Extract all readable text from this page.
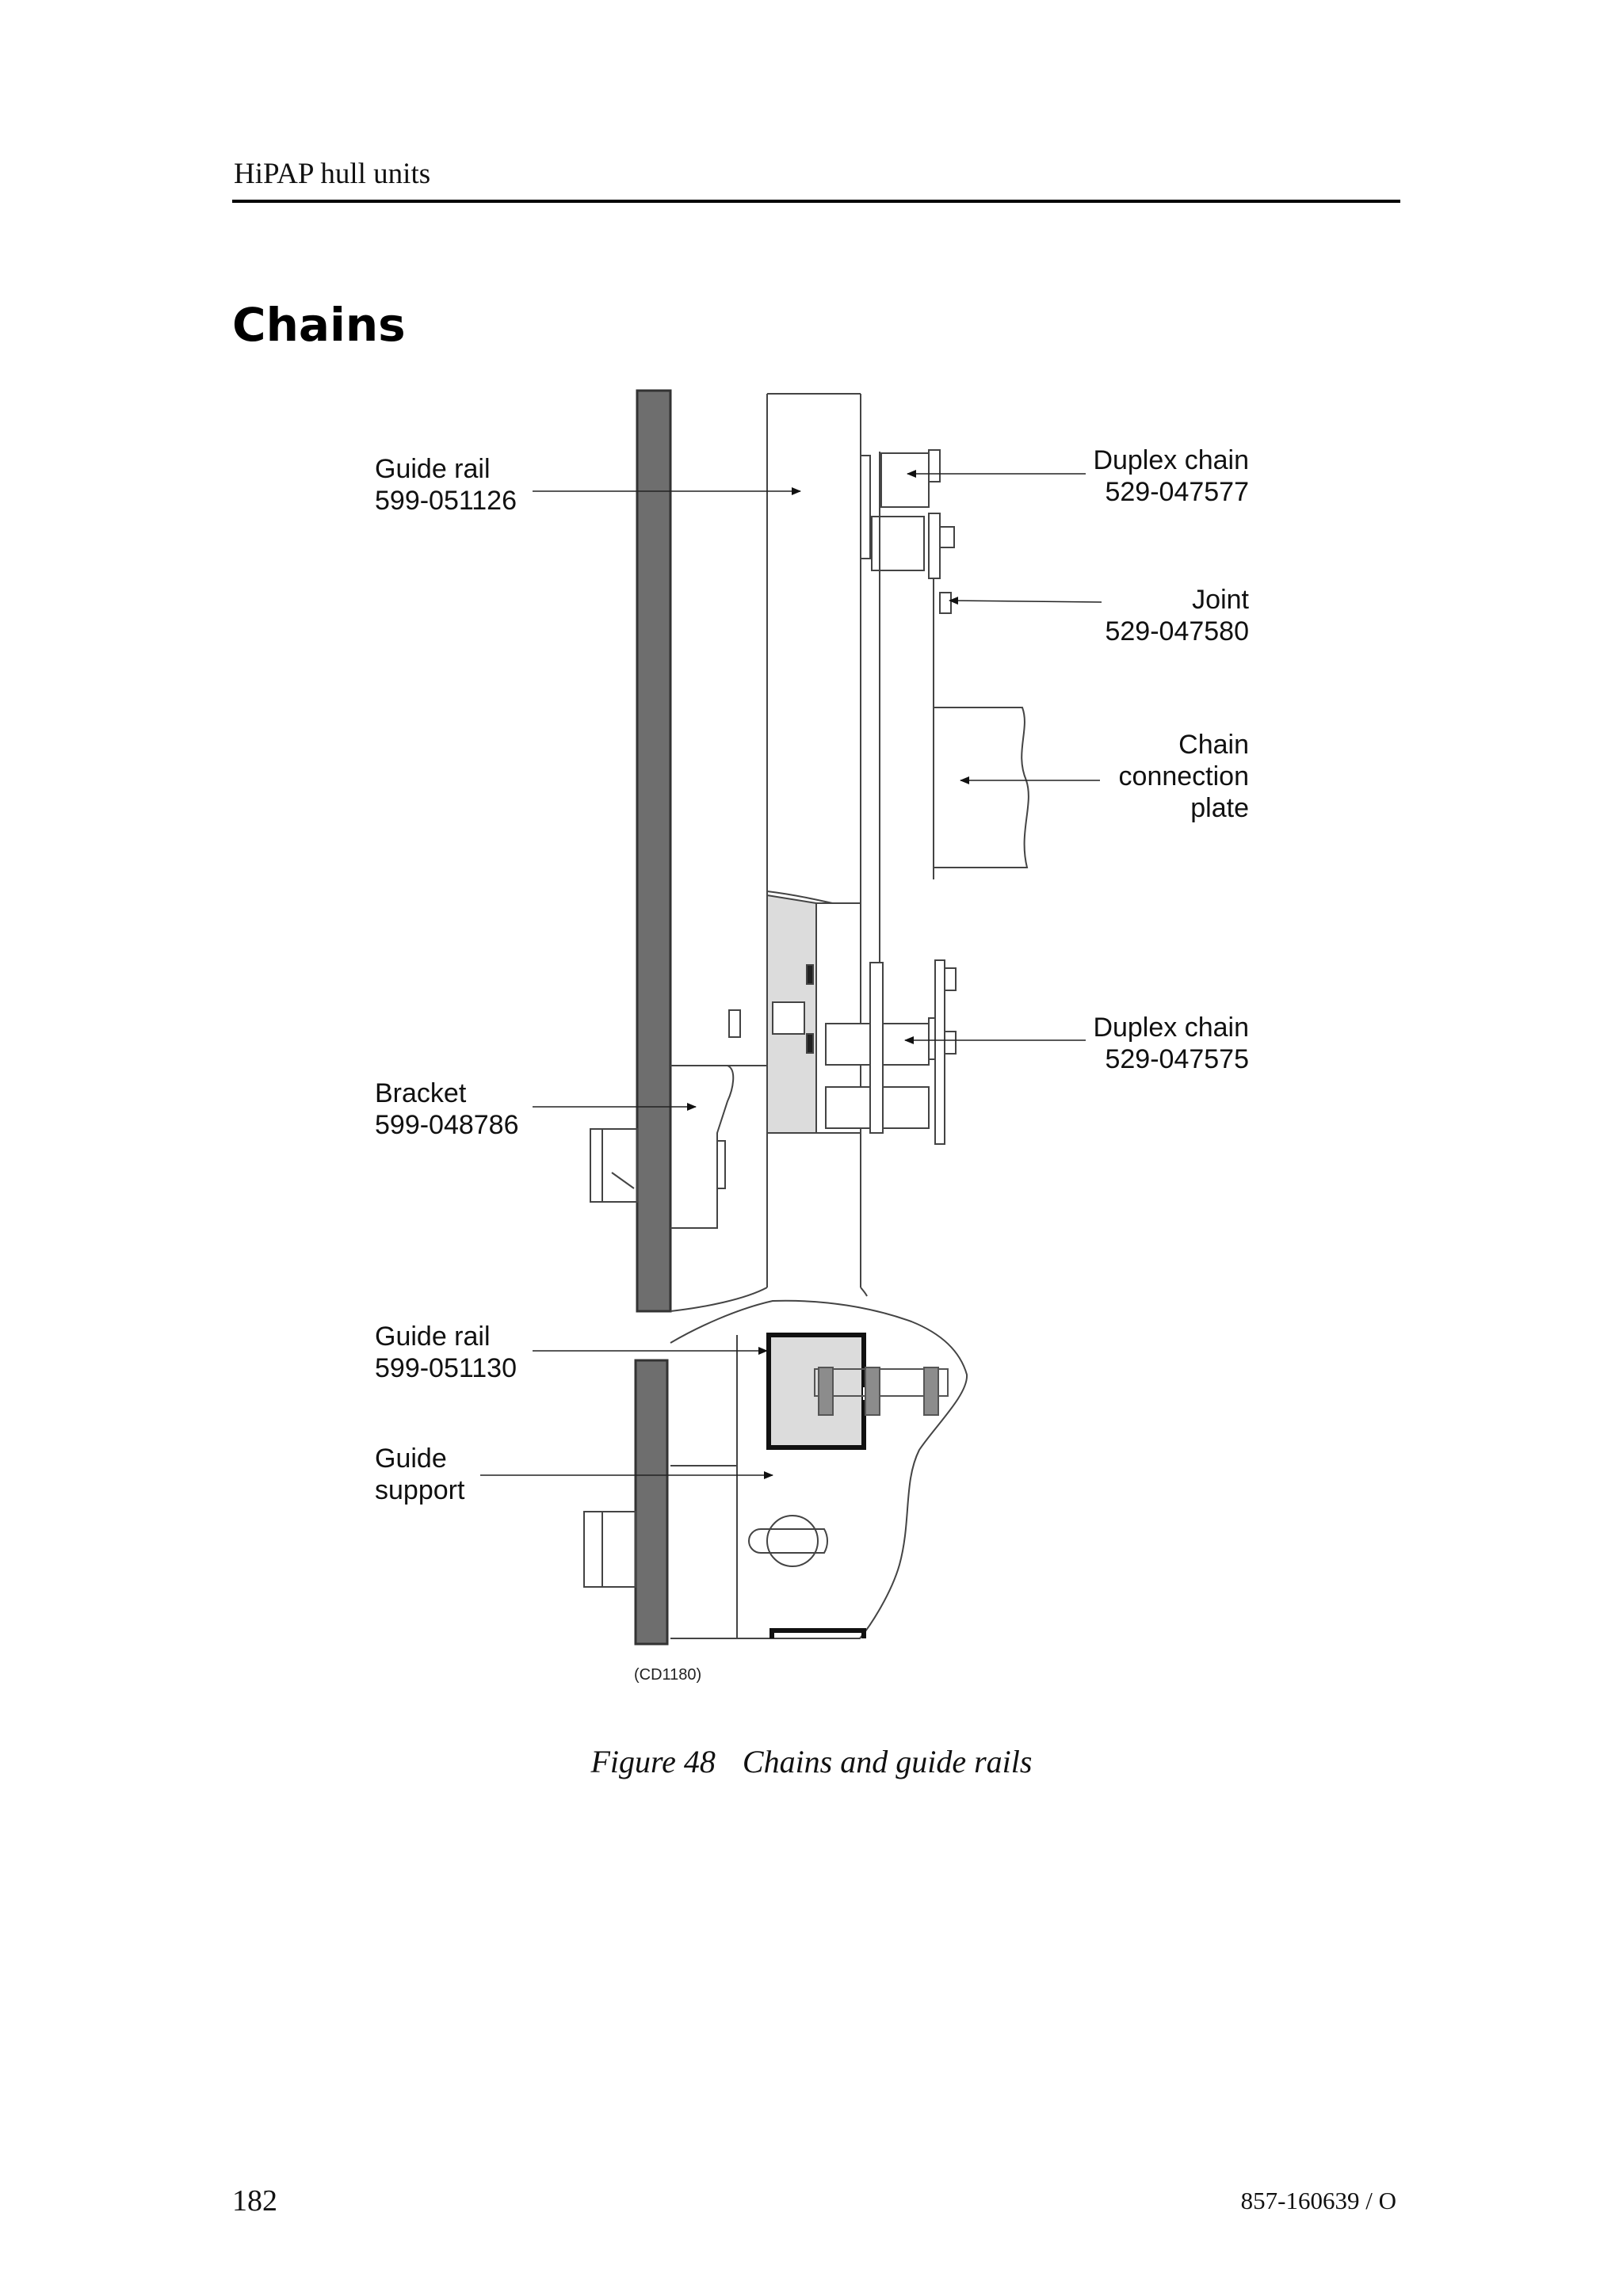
HiPAP hull units
Chains
Guide rail
599-051126
Duplex chain
529-047577
Joint
529-047580
Chain
connection
plate
Duplex chain
529-047575
Bracket
599-048786
Guide rail
599-051130
Guide
support
(CD1180)
Figure 48 Chains and guide rails
182	857-160639 / O
